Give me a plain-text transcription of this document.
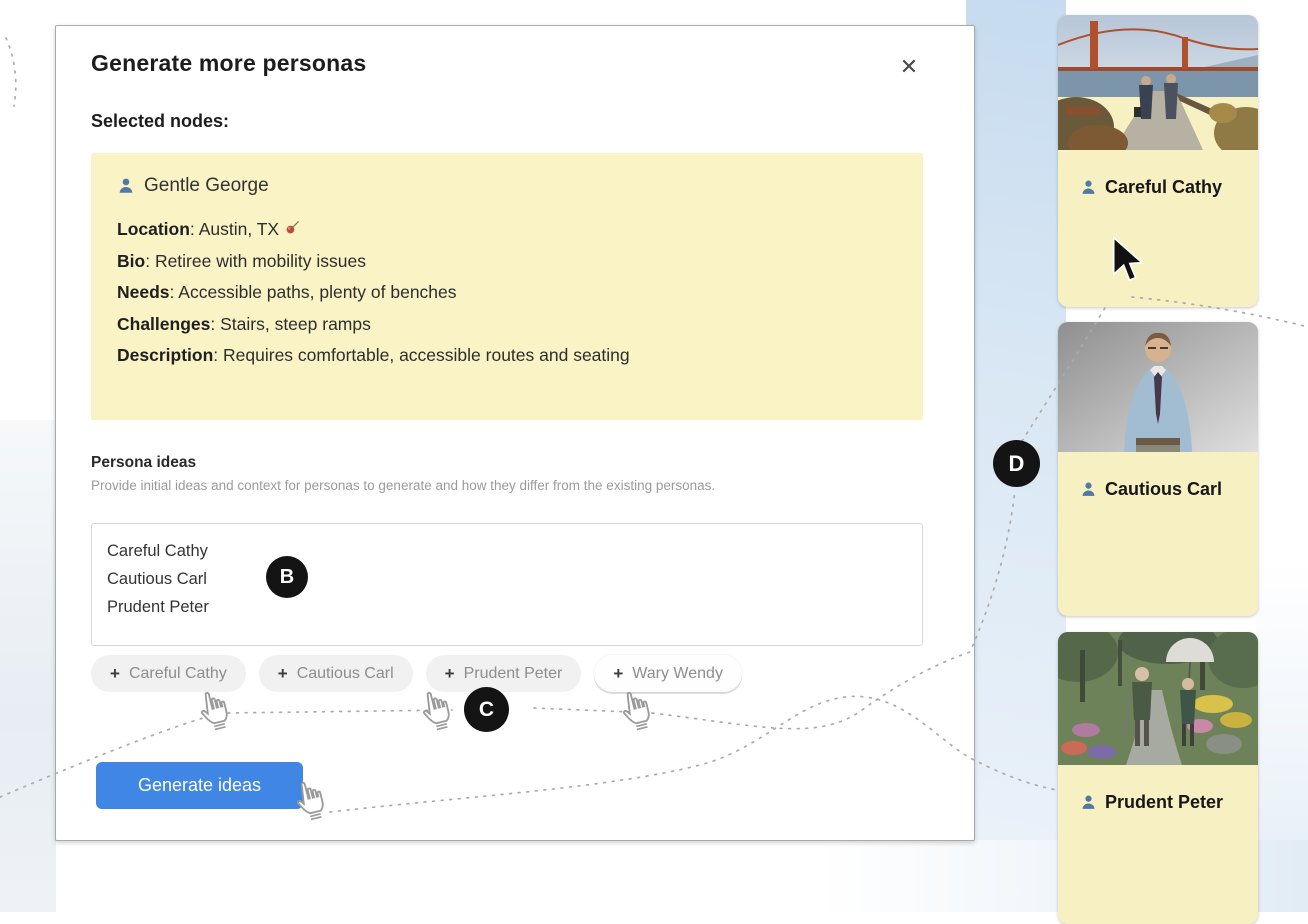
Generate more personas	✕
Selected nodes:
Gentle George
Location: Austin, TX
Bio: Retiree with mobility issues
Needs: Accessible paths, plenty of benches
Challenges: Stairs, steep ramps
Description: Requires comfortable, accessible routes and seating
Persona ideas
Provide initial ideas and context for personas to generate and how they differ from the existing personas.
Careful Cathy
Cautious Carl
Prudent Peter
+ Careful Cathy	+ Cautious Carl	+ Prudent Peter	+ Wary Wendy
Generate ideas
Careful Cathy
Cautious Carl
Prudent Peter
B
C
D
